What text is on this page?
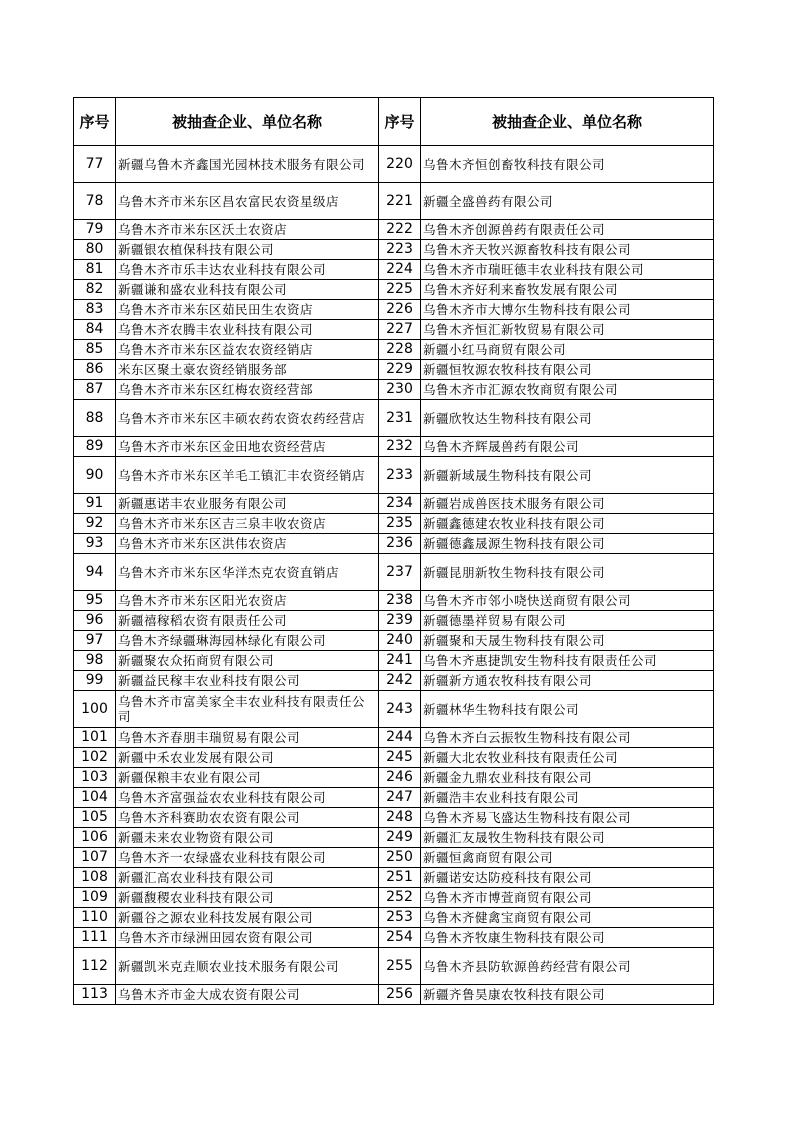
序号	被抽查企业、单位名称	序号	被抽查企业、单位名称
77	新疆乌鲁木齐鑫国光园林技术服务有限公司	220	乌鲁木齐恒创畜牧科技有限公司
78	乌鲁木齐市米东区昌农富民农资星级店	221	新疆全盛兽药有限公司
79	乌鲁木齐市米东区沃土农资店	222	乌鲁木齐创源兽药有限责任公司
80	新疆银农植保科技有限公司	223	乌鲁木齐天牧兴源畜牧科技有限公司
81	乌鲁木齐市乐丰达农业科技有限公司	224	乌鲁木齐市瑞旺德丰农业科技有限公司
82	新疆谦和盛农业科技有限公司	225	乌鲁木齐好利来畜牧发展有限公司
83	乌鲁木齐市米东区茹民田生农资店	226	乌鲁木齐市大博尔生物科技有限公司
84	乌鲁木齐农腾丰农业科技有限公司	227	乌鲁木齐恒汇新牧贸易有限公司
85	乌鲁木齐市米东区益农农资经销店	228	新疆小红马商贸有限公司
86	米东区聚土豪农资经销服务部	229	新疆恒牧源农牧科技有限公司
87	乌鲁木齐市米东区红梅农资经营部	230	乌鲁木齐市汇源农牧商贸有限公司
88	乌鲁木齐市米东区丰硕农药农资农药经营店	231	新疆欣牧达生物科技有限公司
89	乌鲁木齐市米东区金田地农资经营店	232	乌鲁木齐辉晟兽药有限公司
90	乌鲁木齐市米东区羊毛工镇汇丰农资经销店	233	新疆新域晟生物科技有限公司
91	新疆惠诺丰农业服务有限公司	234	新疆岩成兽医技术服务有限公司
92	乌鲁木齐市米东区吉三泉丰收农资店	235	新疆鑫德建农牧业科技有限公司
93	乌鲁木齐市米东区洪伟农资店	236	新疆德鑫晟源生物科技有限公司
94	乌鲁木齐市米东区华洋杰克农资直销店	237	新疆昆朋新牧生物科技有限公司
95	乌鲁木齐市米东区阳光农资店	238	乌鲁木齐市邻小哓快送商贸有限公司
96	新疆禧稼稻农资有限责任公司	239	新疆德墨祥贸易有限公司
97	乌鲁木齐绿疆琳海园林绿化有限公司	240	新疆聚和天晟生物科技有限公司
98	新疆聚农众拓商贸有限公司	241	乌鲁木齐惠捷凯安生物科技有限责任公司
99	新疆益民稼丰农业科技有限公司	242	新疆新方通农牧科技有限公司
100	乌鲁木齐市富美家全丰农业科技有限责任公司	243	新疆林华生物科技有限公司
101	乌鲁木齐春朋丰瑞贸易有限公司	244	乌鲁木齐白云振牧生物科技有限公司
102	新疆中禾农业发展有限公司	245	新疆大北农牧业科技有限责任公司
103	新疆保粮丰农业有限公司	246	新疆金九鼎农业科技有限公司
104	乌鲁木齐富强益农农业科技有限公司	247	新疆浩丰农业科技有限公司
105	乌鲁木齐科赛助农农资有限公司	248	乌鲁木齐易飞盛达生物科技有限公司
106	新疆未来农业物资有限公司	249	新疆汇友晟牧生物科技有限公司
107	乌鲁木齐一农绿盛农业科技有限公司	250	新疆恒禽商贸有限公司
108	新疆汇高农业科技有限公司	251	新疆诺安达防疫科技有限公司
109	新疆馥稷农业科技有限公司	252	乌鲁木齐市博萱商贸有限公司
110	新疆谷之源农业科技发展有限公司	253	乌鲁木齐健禽宝商贸有限公司
111	乌鲁木齐市绿洲田园农资有限公司	254	乌鲁木齐牧康生物科技有限公司
112	新疆凯米克垚顺农业技术服务有限公司	255	乌鲁木齐县防软源兽药经营有限公司
113	乌鲁木齐市金大成农资有限公司	256	新疆齐鲁昊康农牧科技有限公司
